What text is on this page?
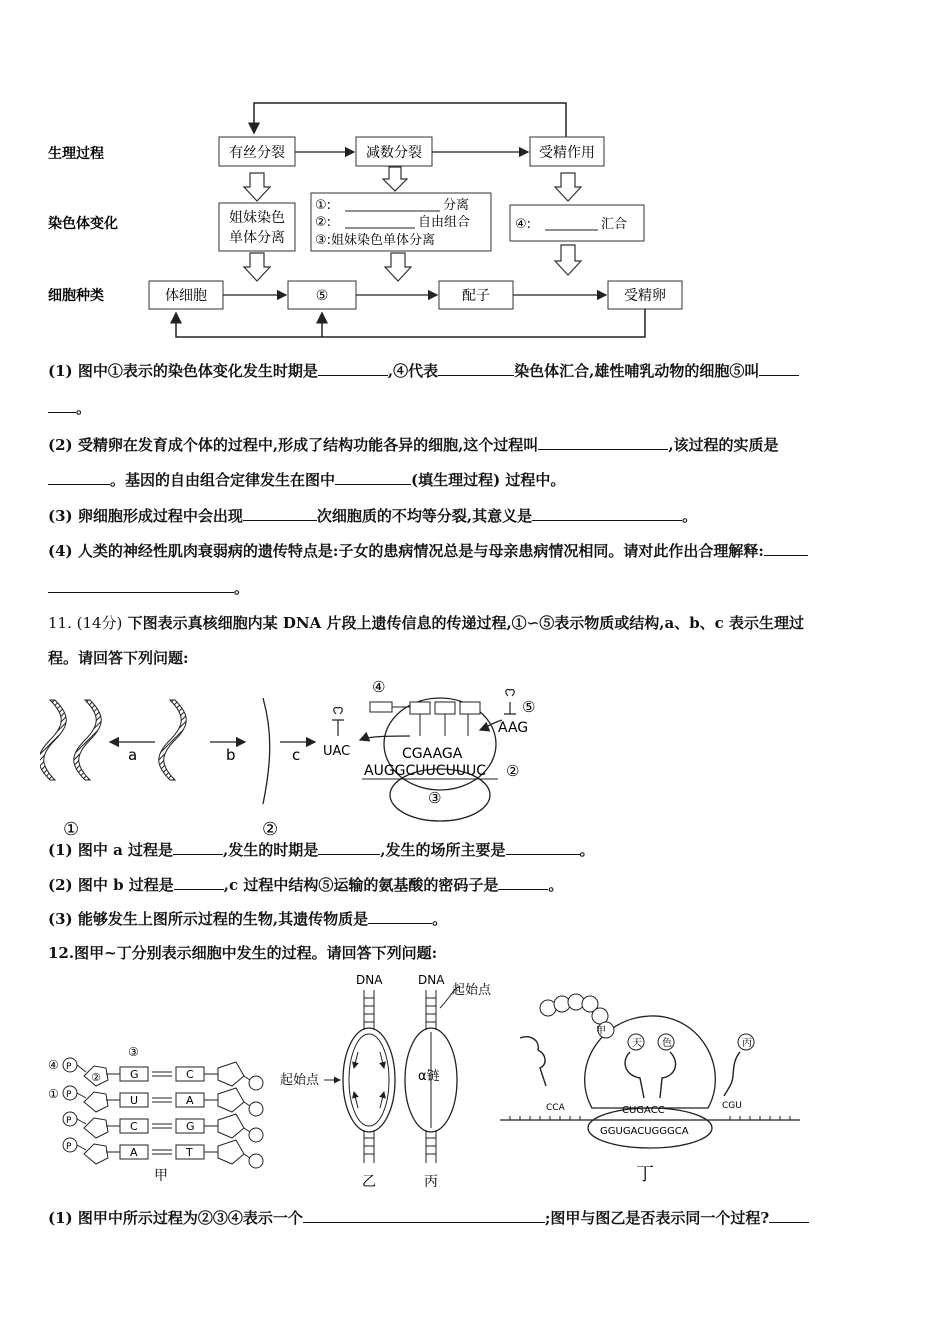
生理过程
染色体变化
细胞种类
有丝分裂	减数分裂	受精作用
姐妹染色
单体分离
①:	分离
②:	自由组合
③:姐妹染色单体分离
④:	汇合
体细胞	⑤	配子	受精卵
(1) 图中①表示的染色体变化发生时期是	,④代表	染色体汇合,雄性哺乳动物的细胞⑤叫
。
(2) 受精卵在发育成个体的过程中,形成了结构功能各异的细胞,这个过程叫	,该过程的实质是
。基因的自由组合定律发生在图中	(填生理过程) 过程中。
(3) 卵细胞形成过程中会出现	次细胞质的不均等分裂,其意义是	。
(4) 人类的神经性肌肉衰弱病的遗传特点是:子女的患病情况总是与母亲患病情况相同。请对此作出合理解释:
。
11. (14分) 下图表示真核细胞内某 DNA 片段上遗传信息的传递过程,①∽⑤表示物质或结构,a、b、c 表示生理过
程。请回答下列问题:
a	b	c
①	②
UAC
④
CGAAGA
AUGGCUUCUUUC ②
③
⑤
AAG
(1) 图中 a 过程是	,发生的时期是	,发生的场所主要是	。
(2) 图中 b 过程是	,c 过程中结构⑤运输的氨基酸的密码子是	。
(3) 能够发生上图所示过程的生物,其遗传物质是	。
12.图甲~丁分别表示细胞中发生的过程。请回答下列问题:
④
①
③
②
P
P
P
P
G
U
C
A
C
A
G
T
甲
DNA
起始点
乙
DNA
起始点
α链
丙
甲
天 色	丙
CCA	CGU
CUGACC
GGUGACUGGGCA
丁
(1) 图甲中所示过程为②③④表示一个	;图甲与图乙是否表示同一个过程?
